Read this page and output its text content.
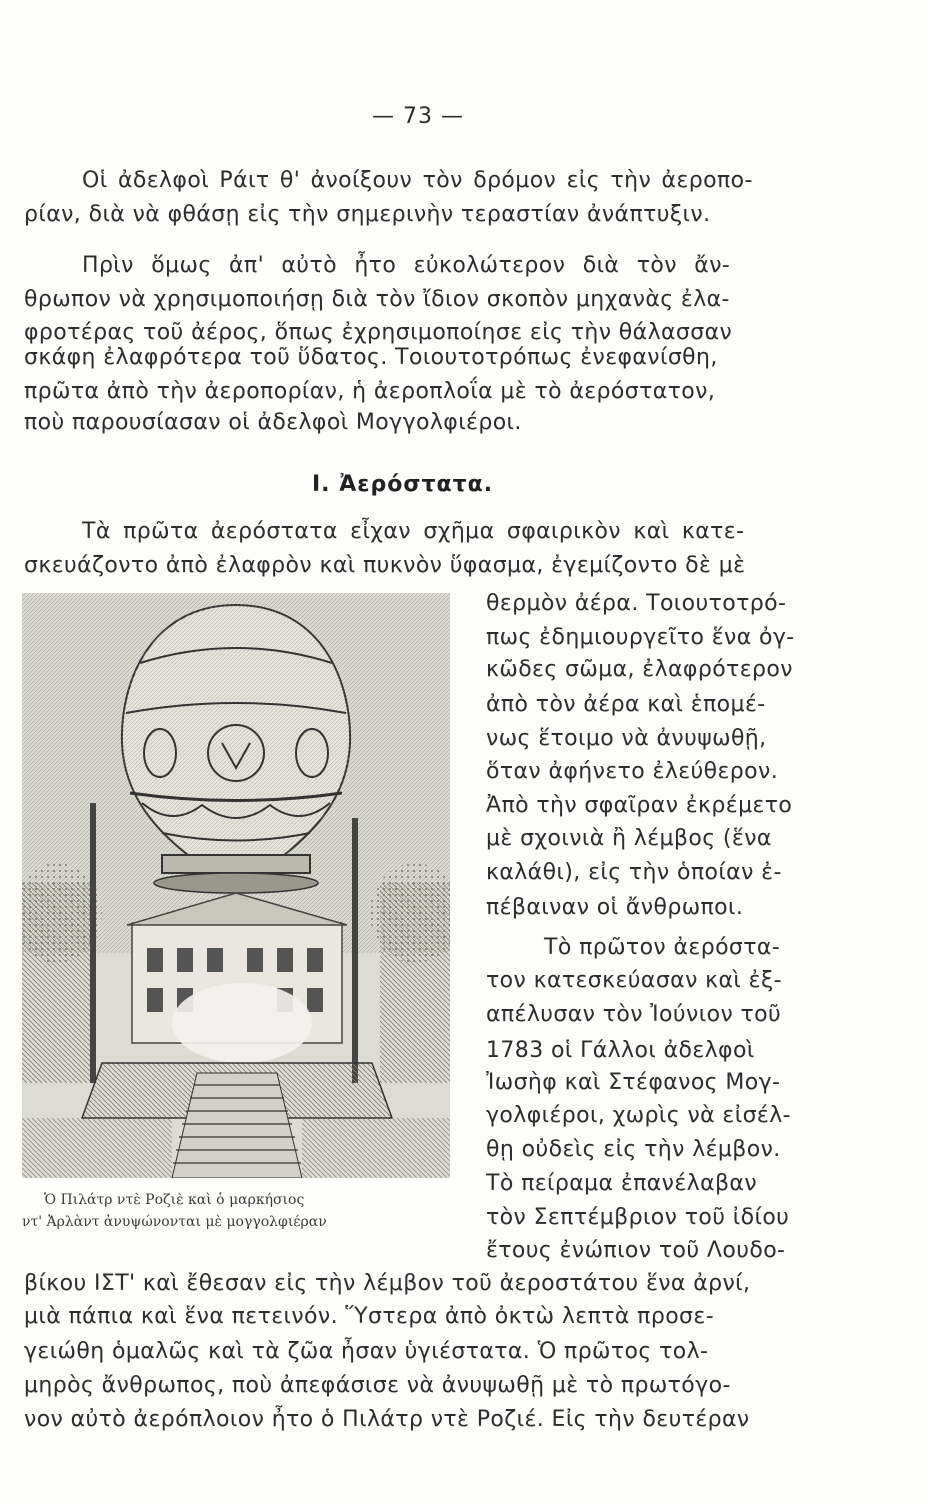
— 73 —
Οἱ ἀδελφοὶ Ράιτ θ' ἀνοίξουν τὸν δρόμον εἰς τὴν ἀεροπο-
ρίαν, διὰ νὰ φθάσῃ εἰς τὴν σημερινὴν τεραστίαν ἀνάπτυξιν.
Πρὶν ὅμως ἀπ' αὐτὸ ἦτο εὐκολώτερον διὰ τὸν ἄν-
θρωπον νὰ χρησιμοποιήσῃ διὰ τὸν ἴδιον σκοπὸν μηχανὰς ἐλα-
φροτέρας τοῦ ἀέρος, ὅπως ἐχρησιμοποίησε εἰς τὴν θάλασσαν
σκάφη ἐλαφρότερα τοῦ ὕδατος. Τοιουτοτρόπως ἐνεφανίσθη,
πρῶτα ἀπὸ τὴν ἀεροπορίαν, ἡ ἀεροπλοΐα μὲ τὸ ἀερόστατον,
ποὺ παρουσίασαν οἱ ἀδελφοὶ Μογγολφιέροι.
Ι. Ἀερόστατα.
Τὰ πρῶτα ἀερόστατα εἶχαν σχῆμα σφαιρικὸν καὶ κατε-
σκευάζοντο ἀπὸ ἐλαφρὸν καὶ πυκνὸν ὕφασμα, ἐγεμίζοντο δὲ μὲ
Ὁ Πιλάτρ ντὲ Ροζιὲ καὶ ὁ μαρκήσιος
ντ' Ἀρλὰντ ἀνυψώνονται μὲ μογγολφιέραν
θερμὸν ἀέρα. Τοιουτοτρό-
πως ἐδημιουργεῖτο ἕνα ὀγ-
κῶδες σῶμα, ἐλαφρότερον
ἀπὸ τὸν ἀέρα καὶ ἑπομέ-
νως ἕτοιμο νὰ ἀνυψωθῇ,
ὅταν ἀφήνετο ἐλεύθερον.
Ἀπὸ τὴν σφαῖραν ἐκρέμετο
μὲ σχοινιὰ ἢ λέμβος (ἕνα
καλάθι), εἰς τὴν ὁποίαν ἐ-
πέβαιναν οἱ ἄνθρωποι.
Τὸ πρῶτον ἀερόστα-
τον κατεσκεύασαν καὶ ἐξ-
απέλυσαν τὸν Ἰούνιον τοῦ
1783 οἱ Γάλλοι ἀδελφοὶ
Ἰωσὴφ καὶ Στέφανος Μογ-
γολφιέροι, χωρὶς νὰ εἰσέλ-
θῃ οὐδεὶς εἰς τὴν λέμβον.
Τὸ πείραμα ἐπανέλαβαν
τὸν Σεπτέμβριον τοῦ ἰδίου
ἔτους ἐνώπιον τοῦ Λουδο-
βίκου ΙΣΤ' καὶ ἔθεσαν εἰς τὴν λέμβον τοῦ ἀεροστάτου ἕνα ἀρνί,
μιὰ πάπια καὶ ἕνα πετεινόν. Ὕστερα ἀπὸ ὀκτὼ λεπτὰ προσε-
γειώθη ὁμαλῶς καὶ τὰ ζῶα ἦσαν ὑγιέστατα. Ὁ πρῶτος τολ-
μηρὸς ἄνθρωπος, ποὺ ἀπεφάσισε νὰ ἀνυψωθῇ μὲ τὸ πρωτόγο-
νον αὐτὸ ἀερόπλοιον ἦτο ὁ Πιλάτρ ντὲ Ροζιέ. Εἰς τὴν δευτέραν
